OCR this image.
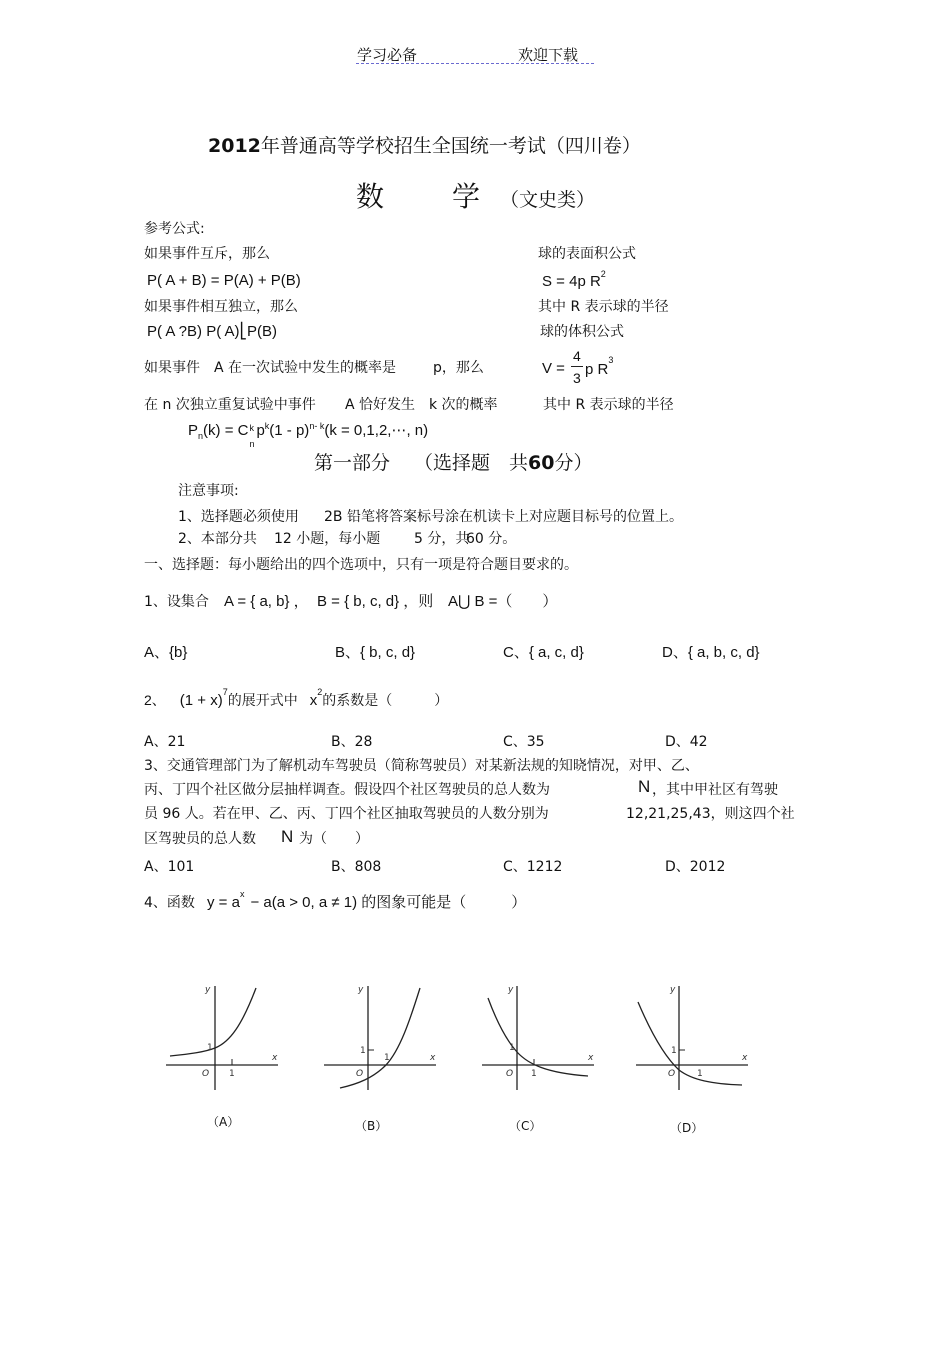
学习必备	欢迎下载
2012年普通高等学校招生全国统一考试（四川卷）
数　学（文史类）
参考公式:
如果事件互斥，那么	球的表面积公式
P( A + B) = P(A) + P(B)	S = 4p $R^2$
如果事件相互独立，那么	其中 R 表示球的半径
P( A ?B) P( A)⎣P(B)	球的体积公式
如果事件 A 在一次试验中发生的概率是	p，那么	V =
4
3 p $R^3$
在 n 次独立重复试验中事件 A 恰好发生 k 次的概率	其中 R 表示球的半径
$P_n(k) = C$ k
n
$p^k(1 - p)^{n- k}(k$ = 0,1,2,⋯, n)
第一部分 （选择题　共60分）
注意事项:
1、选择题必须使用 2B 铅笔将答案标号涂在机读卡上对应题目标号的位置上。
2、本部分共 12 小题，每小题 5 分，共
60 分。
一、选择题：每小题给出的四个选项中，只有一项是符合题目要求的。
1、设集合 A = { a, b} ， B = { b, c, d} ，则 A⋃ B =（　　）
A、{b}	B、{ b, c, d}	C、{ a, c, d}	D、{ a, b, c, d}
2、 $(1 + x)^7$的展开式中 $x^2$的系数是（　　　）
A、21	B、28	C、35	D、42
3、交通管理部门为了解机动车驾驶员（简称驾驶员）对某新法规的知晓情况，对甲、乙、
丙、丁四个社区做分层抽样调查。假设四个社区驾驶员的总人数为	N ，其中甲社区有驾驶
员 96 人。若在甲、乙、丙、丁四个社区抽取驾驶员的人数分别为	12,21,25,43，则这四个社
区驾驶员的总人数 N 为（　　）
A、101	B、808	C、1212	D、2012
4、函数 $y = a^x - a(a > 0$, a ≠ 1) 的图象可能是（　　　）
y
x
O
1
1
（A）
y
x
O
1
1
（B）
y
x
O
1
1
（C）
y
x
O
1
1
（D）
